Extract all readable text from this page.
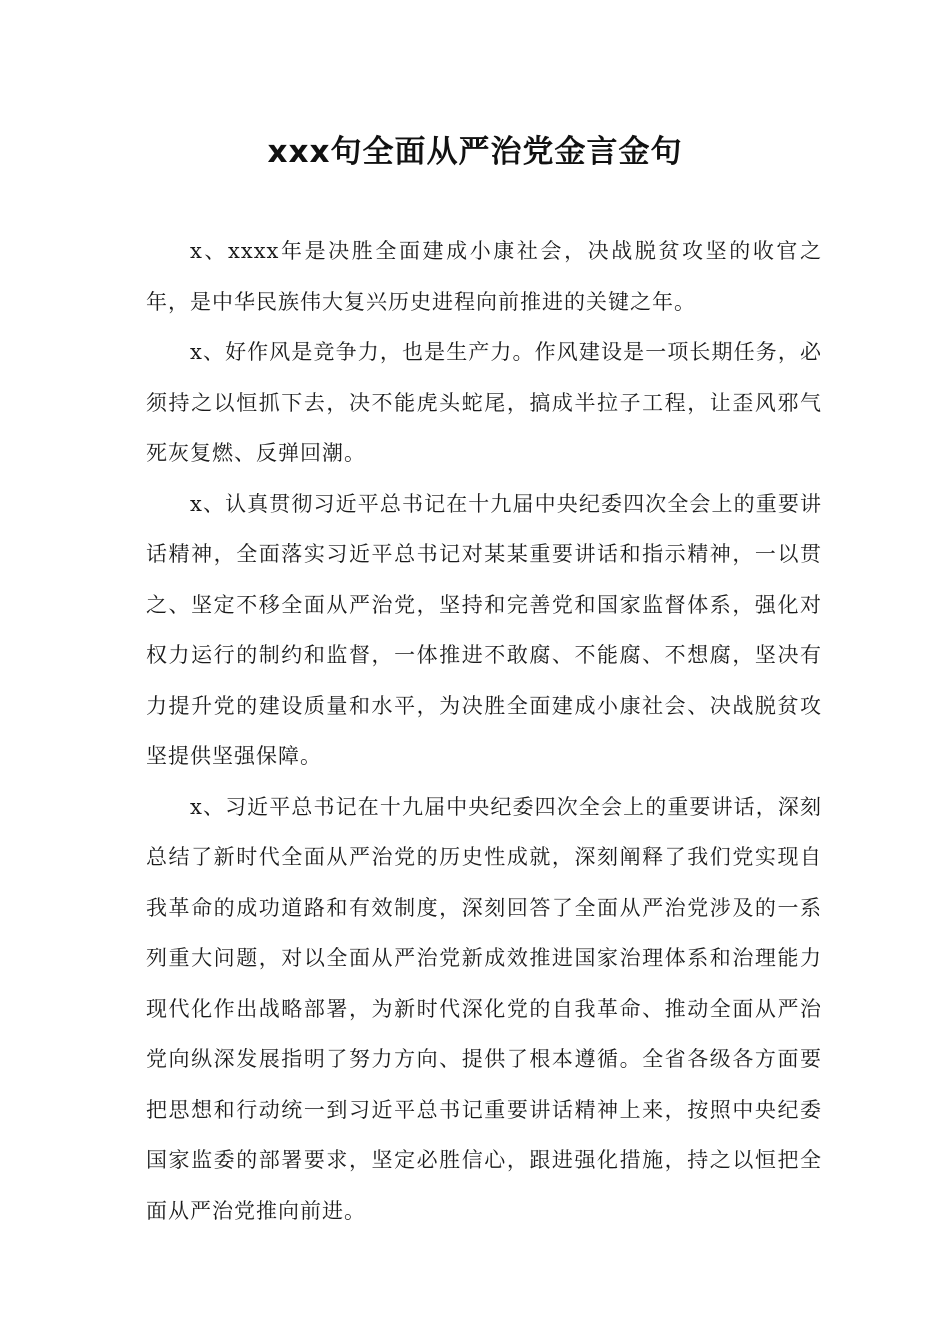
xxx句全面从严治党金言金句

x、xxxx年是决胜全面建成小康社会，决战脱贫攻坚的收官之年，是中华民族伟大复兴历史进程向前推进的关键之年。

x、好作风是竞争力，也是生产力。作风建设是一项长期任务，必须持之以恒抓下去，决不能虎头蛇尾，搞成半拉子工程，让歪风邪气死灰复燃、反弹回潮。

x、认真贯彻习近平总书记在十九届中央纪委四次全会上的重要讲话精神，全面落实习近平总书记对某某重要讲话和指示精神，一以贯之、坚定不移全面从严治党，坚持和完善党和国家监督体系，强化对权力运行的制约和监督，一体推进不敢腐、不能腐、不想腐，坚决有力提升党的建设质量和水平，为决胜全面建成小康社会、决战脱贫攻坚提供坚强保障。

x、习近平总书记在十九届中央纪委四次全会上的重要讲话，深刻总结了新时代全面从严治党的历史性成就，深刻阐释了我们党实现自我革命的成功道路和有效制度，深刻回答了全面从严治党涉及的一系列重大问题，对以全面从严治党新成效推进国家治理体系和治理能力现代化作出战略部署，为新时代深化党的自我革命、推动全面从严治党向纵深发展指明了努力方向、提供了根本遵循。全省各级各方面要把思想和行动统一到习近平总书记重要讲话精神上来，按照中央纪委国家监委的部署要求，坚定必胜信心，跟进强化措施，持之以恒把全面从严治党推向前进。
